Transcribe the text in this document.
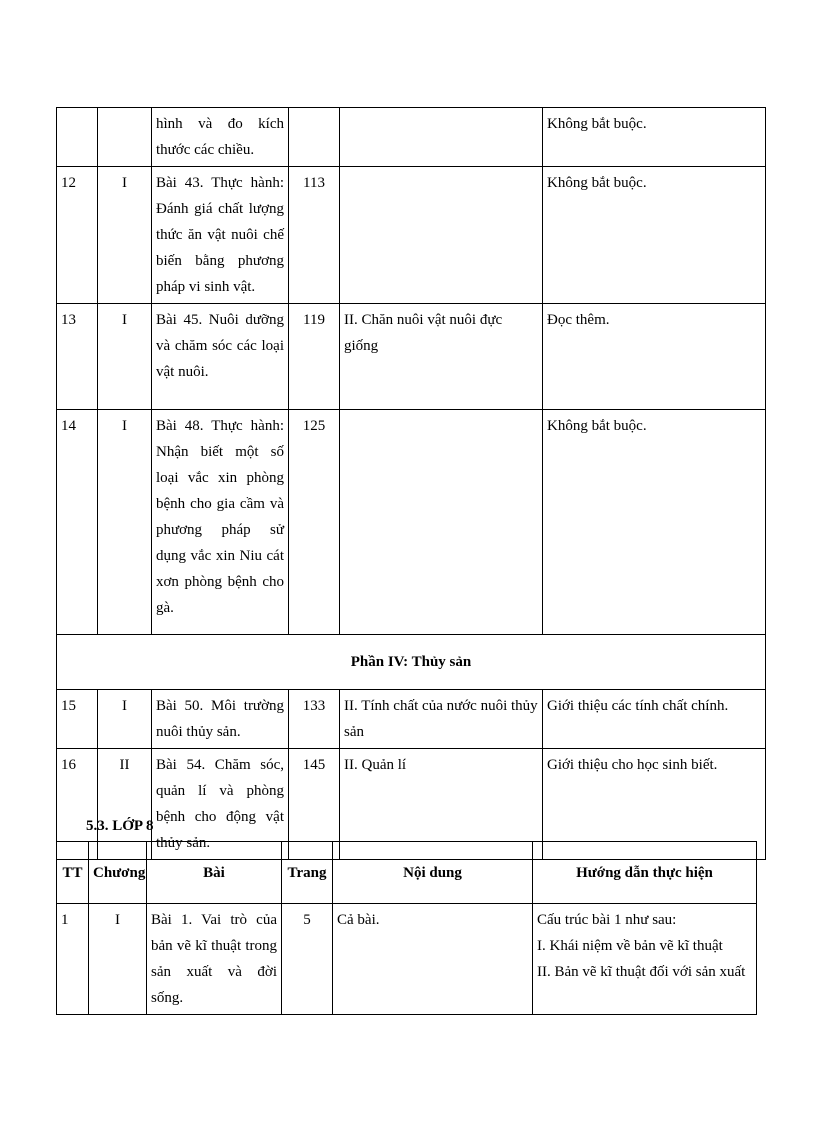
		hình và đo kích thước các chiều.			Không bắt buộc.
12	I	Bài 43. Thực hành: Đánh giá chất lượng thức ăn vật nuôi chế biến bằng phương pháp vi sinh vật.	113		Không bắt buộc.
13	I	Bài 45. Nuôi dưỡng và chăm sóc các loại vật nuôi.	119	II. Chăn nuôi vật nuôi đực giống	Đọc thêm.
14	I	Bài 48. Thực hành: Nhận biết một số loại vắc xin phòng bệnh cho gia cầm và phương pháp sử dụng vắc xin Niu cát xơn phòng bệnh cho gà.	125		Không bắt buộc.
Phần IV: Thủy sản					
15	I	Bài 50. Môi trường nuôi thủy sản.	133	II. Tính chất của nước nuôi thủy sản	Giới thiệu các tính chất chính.
16	II	Bài 54. Chăm sóc, quản lí và phòng bệnh cho động vật thủy sản.	145	II. Quản lí	Giới thiệu cho học sinh biết.
5.3. LỚP 8
TT	Chương	Bài	Trang	Nội dung	Hướng dẫn thực hiện
1	I	Bài 1. Vai trò của bản vẽ kĩ thuật trong sản xuất và đời sống.	5	Cả bài.	Cấu trúc bài 1 như sau:
I. Khái niệm về bản vẽ kĩ thuật
II. Bản vẽ kĩ thuật đối với sản xuất
